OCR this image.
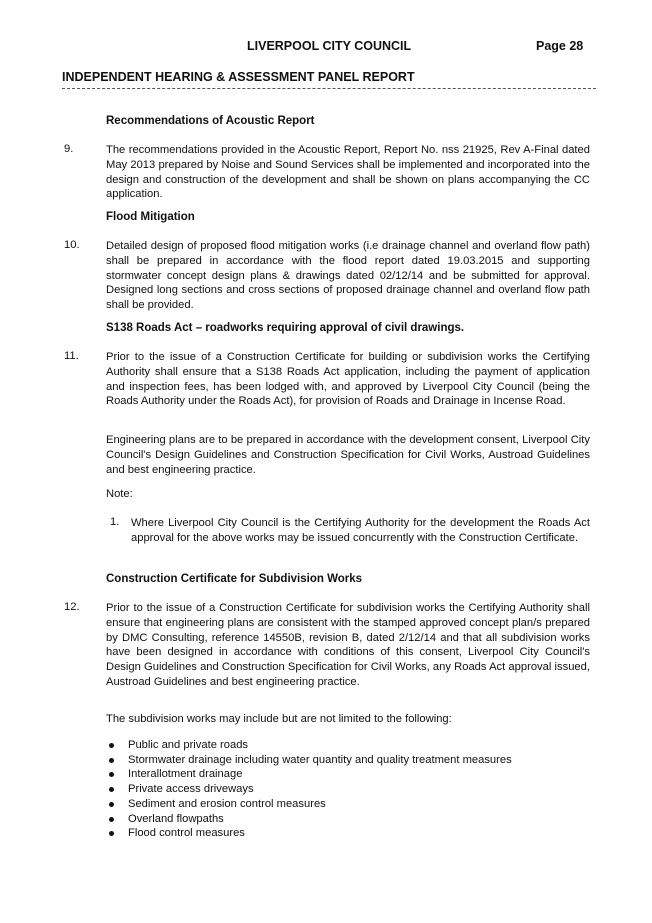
LIVERPOOL CITY COUNCIL	Page 28
INDEPENDENT HEARING & ASSESSMENT PANEL REPORT
Recommendations of Acoustic Report
9.	The recommendations provided in the Acoustic Report, Report No. nss 21925, Rev A-Final dated May 2013 prepared by Noise and Sound Services shall be implemented and incorporated into the design and construction of the development and shall be shown on plans accompanying the CC application.

Flood Mitigation
10. Detailed design of proposed flood mitigation works (i.e drainage channel and overland flow path) shall be prepared in accordance with the flood report dated 19.03.2015 and supporting stormwater concept design plans & drawings dated 02/12/14 and be submitted for approval. Designed long sections and cross sections of proposed drainage channel and overland flow path shall be provided.

S138 Roads Act – roadworks requiring approval of civil drawings.
11. Prior to the issue of a Construction Certificate for building or subdivision works the Certifying Authority shall ensure that a S138 Roads Act application, including the payment of application and inspection fees, has been lodged with, and approved by Liverpool City Council (being the Roads Authority under the Roads Act), for provision of Roads and Drainage in Incense Road.

Engineering plans are to be prepared in accordance with the development consent, Liverpool City Council's Design Guidelines and Construction Specification for Civil Works, Austroad Guidelines and best engineering practice.

Note:
1. Where Liverpool City Council is the Certifying Authority for the development the Roads Act approval for the above works may be issued concurrently with the Construction Certificate.

Construction Certificate for Subdivision Works
12. Prior to the issue of a Construction Certificate for subdivision works the Certifying Authority shall ensure that engineering plans are consistent with the stamped approved concept plan/s prepared by DMC Consulting, reference 14550B, revision B, dated 2/12/14 and that all subdivision works have been designed in accordance with conditions of this consent, Liverpool City Council's Design Guidelines and Construction Specification for Civil Works, any Roads Act approval issued, Austroad Guidelines and best engineering practice.

The subdivision works may include but are not limited to the following:

Public and private roads
Stormwater drainage including water quantity and quality treatment measures
Interallotment drainage
Private access driveways
Sediment and erosion control measures
Overland flowpaths
Flood control measures
